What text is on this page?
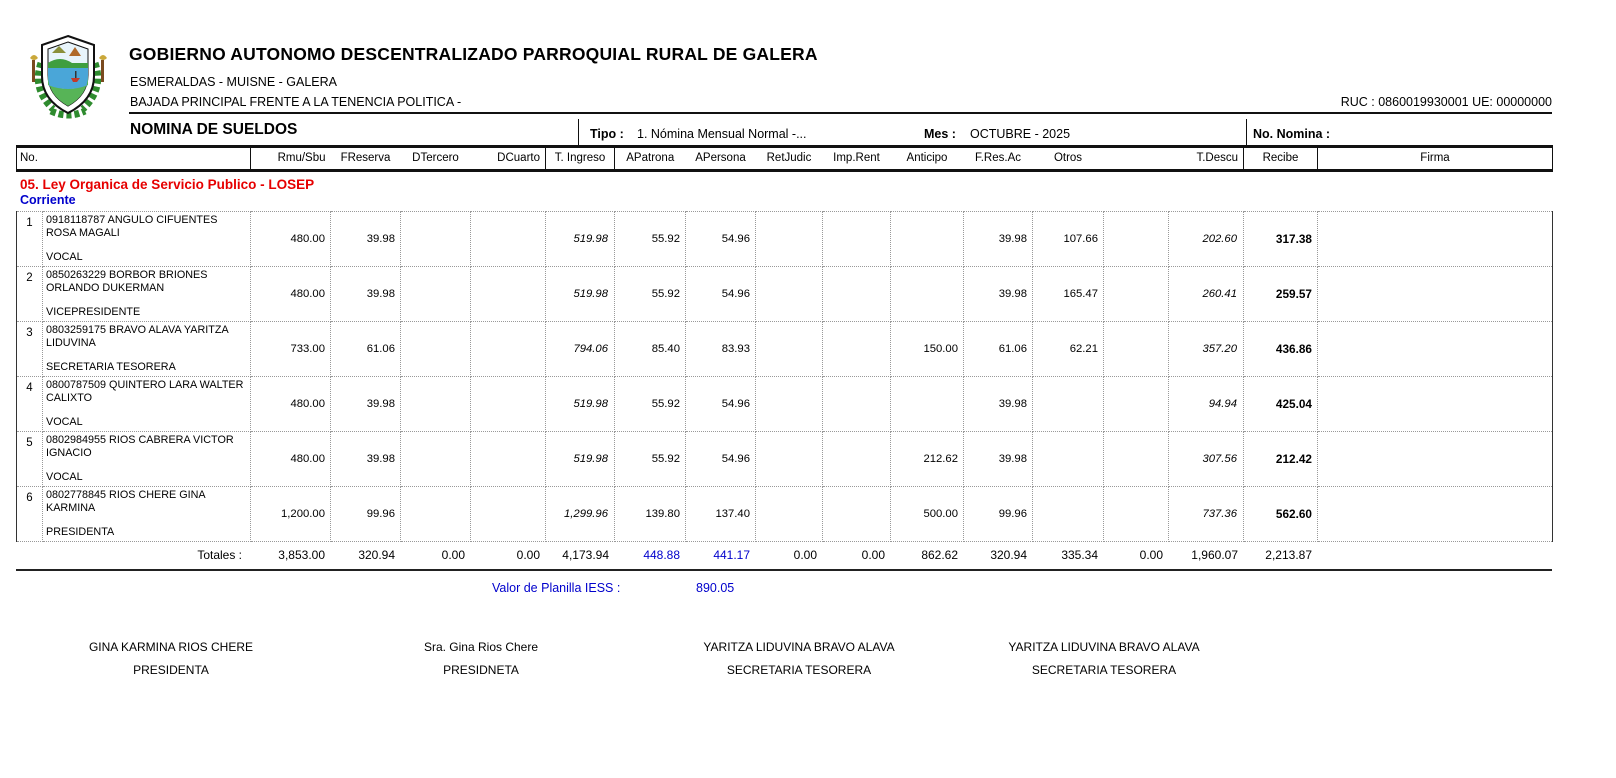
GOBIERNO AUTONOMO DESCENTRALIZADO PARROQUIAL RURAL DE GALERA
ESMERALDAS - MUISNE - GALERA
BAJADA PRINCIPAL FRENTE A LA TENENCIA POLITICA -	RUC : 0860019930001 UE: 00000000
NOMINA DE SUELDOS	Tipo : 1. Nómina Mensual Normal -...	Mes : OCTUBRE - 2025	No. Nomina :
No.	Rmu/Sbu	FReserva	DTercero	DCuarto	T. Ingreso	APatrona	APersona	RetJudic	Imp.Rent	Anticipo	F.Res.Ac	Otros		T.Descu	Recibe	Firma
05. Ley Organica de Servicio Publico - LOSEP
Corriente
1	0918118787 ANGULO CIFUENTES ROSA MAGALI
VOCAL	480.00	39.98			519.98	55.92	54.96				39.98	107.66		202.60	317.38	
2	0850263229 BORBOR BRIONES ORLANDO DUKERMAN
VICEPRESIDENTE	480.00	39.98			519.98	55.92	54.96				39.98	165.47		260.41	259.57	
3	0803259175 BRAVO ALAVA YARITZA LIDUVINA
SECRETARIA TESORERA	733.00	61.06			794.06	85.40	83.93			150.00	61.06	62.21		357.20	436.86	
4	0800787509 QUINTERO LARA WALTER CALIXTO
VOCAL	480.00	39.98			519.98	55.92	54.96				39.98			94.94	425.04	
5	0802984955 RIOS CABRERA VICTOR IGNACIO
VOCAL	480.00	39.98			519.98	55.92	54.96			212.62	39.98			307.56	212.42	
6	0802778845 RIOS CHERE GINA KARMINA
PRESIDENTA	1,200.00	99.96			1,299.96	139.80	137.40			500.00	99.96			737.36	562.60	
Totales :	3,853.00	320.94	0.00	0.00	4,173.94	448.88	441.17	0.00	0.00	862.62	320.94	335.34	0.00	1,960.07	2,213.87	
Valor de Planilla IESS :	890.05
GINA KARMINA RIOS CHERE
PRESIDENTA
Sra. Gina Rios Chere
PRESIDNETA
YARITZA LIDUVINA BRAVO ALAVA
SECRETARIA TESORERA
YARITZA LIDUVINA BRAVO ALAVA
SECRETARIA TESORERA
